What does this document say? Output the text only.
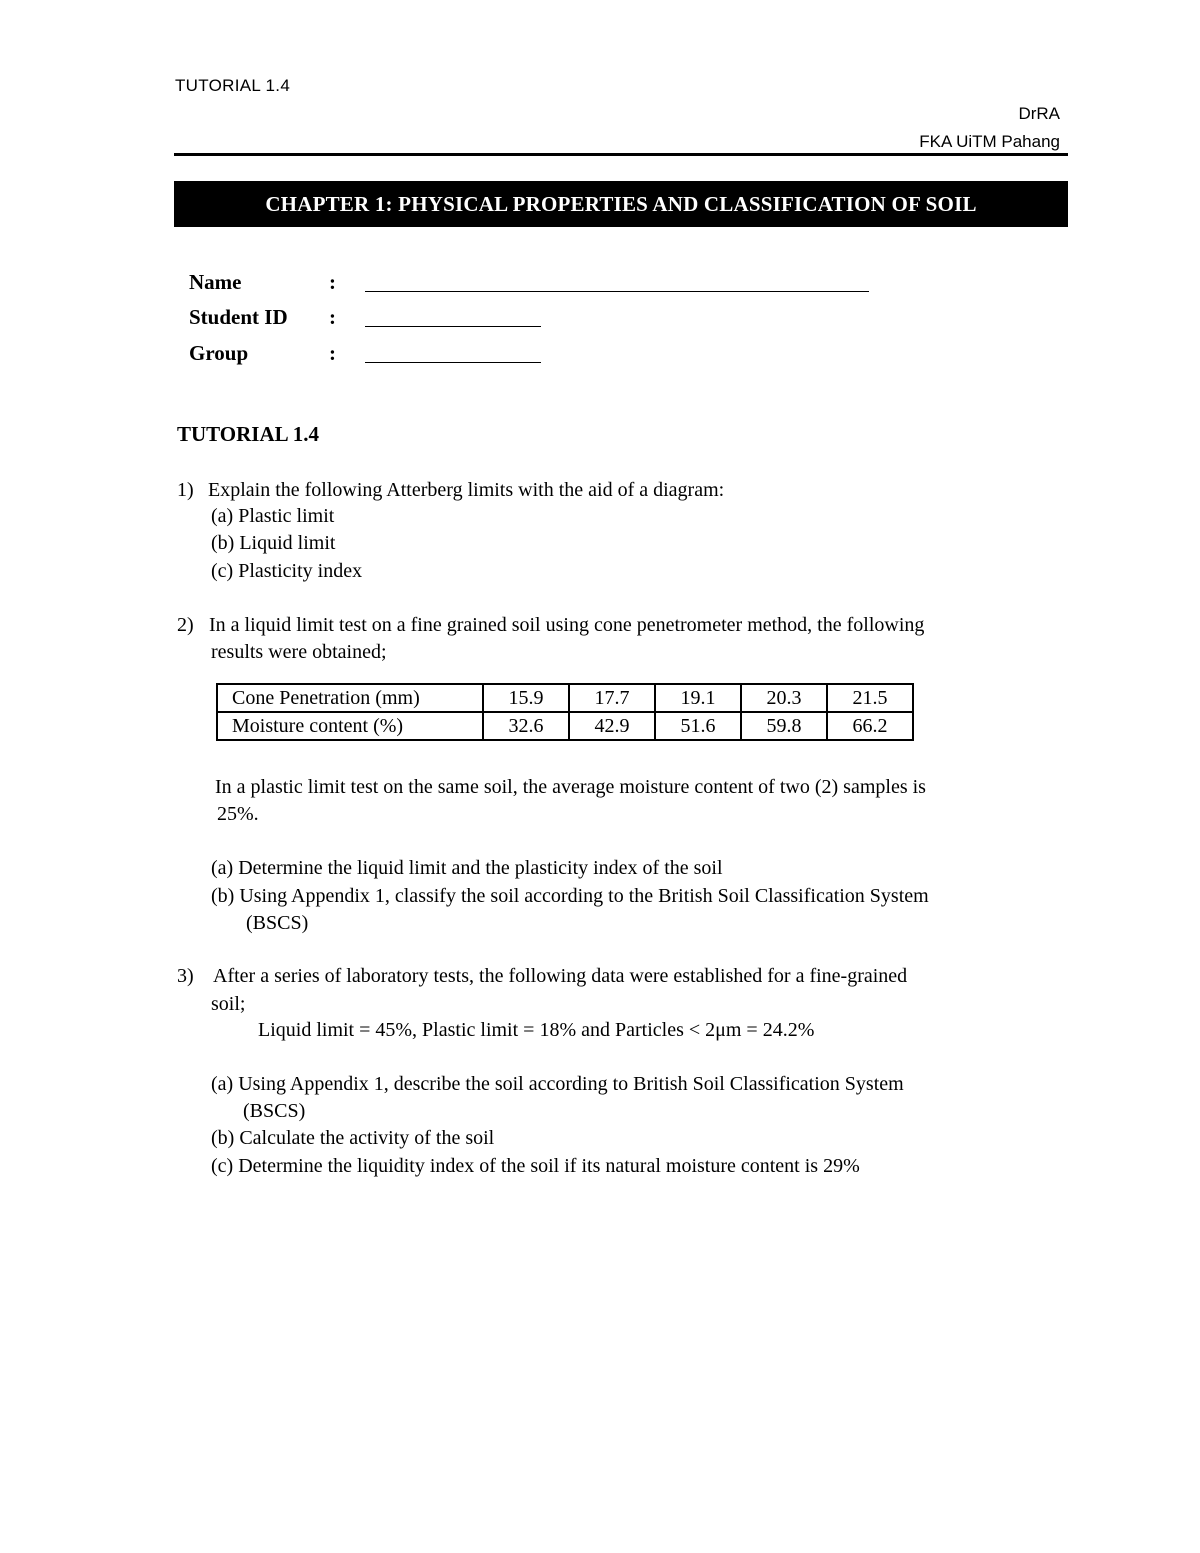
TUTORIAL 1.4
DrRA
FKA UiTM Pahang
CHAPTER 1: PHYSICAL PROPERTIES AND CLASSIFICATION OF SOIL
Name	:
Student ID :
Group	:
TUTORIAL 1.4
1) Explain the following Atterberg limits with the aid of a diagram:
(a) Plastic limit
(b) Liquid limit
(c) Plasticity index
2) In a liquid limit test on a fine grained soil using cone penetrometer method, the following
results were obtained;
Cone Penetration (mm)	15.9	17.7	19.1	20.3	21.5
Moisture content (%)	32.6	42.9	51.6	59.8	66.2
In a plastic limit test on the same soil, the average moisture content of two (2) samples is
25%.
(a) Determine the liquid limit and the plasticity index of the soil
(b) Using Appendix 1, classify the soil according to the British Soil Classification System
(BSCS)
3) After a series of laboratory tests, the following data were established for a fine-grained
soil;
Liquid limit = 45%, Plastic limit = 18% and Particles < 2μm = 24.2%
(a) Using Appendix 1, describe the soil according to British Soil Classification System
(BSCS)
(b) Calculate the activity of the soil
(c) Determine the liquidity index of the soil if its natural moisture content is 29%
